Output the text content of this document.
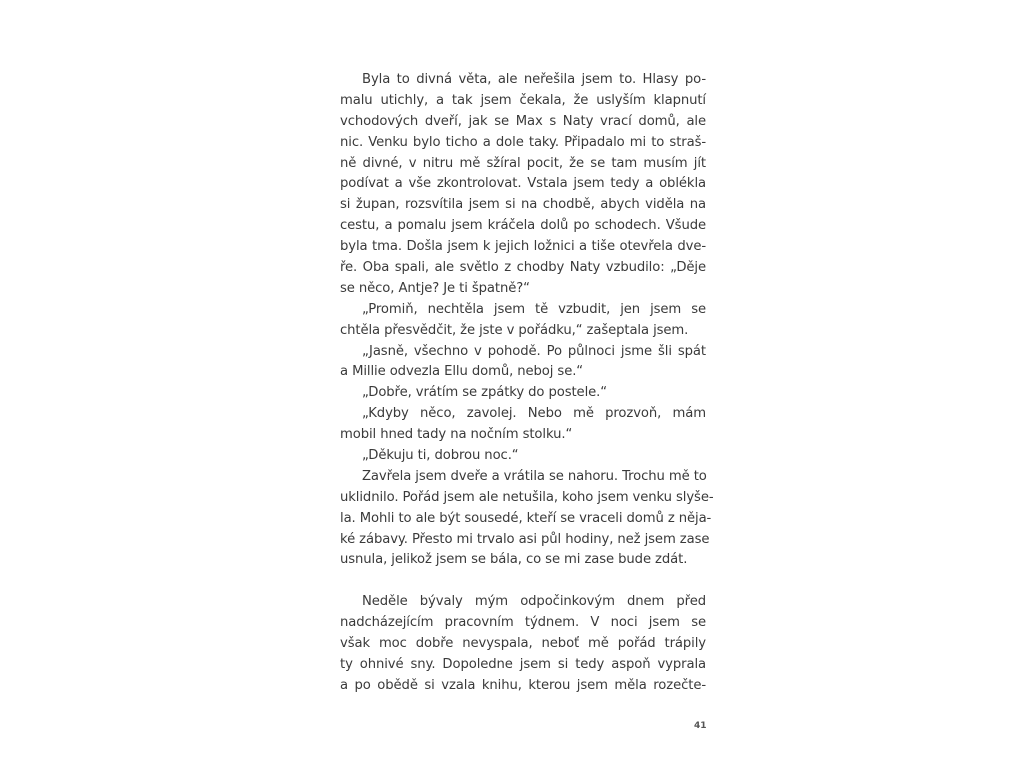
Byla to divná věta, ale neřešila jsem to. Hlasy po-
malu utichly, a tak jsem čekala, že uslyším klapnutí
vchodových dveří, jak se Max s Naty vrací domů, ale
nic. Venku bylo ticho a dole taky. Připadalo mi to straš-
ně divné, v nitru mě sžíral pocit, že se tam musím jít
podívat a vše zkontrolovat. Vstala jsem tedy a oblékla
si župan, rozsvítila jsem si na chodbě, abych viděla na
cestu, a pomalu jsem kráčela dolů po schodech. Všude
byla tma. Došla jsem k jejich ložnici a tiše otevřela dve-
ře. Oba spali, ale světlo z chodby Naty vzbudilo: „Děje
se něco, Antje? Je ti špatně?“
„Promiň, nechtěla jsem tě vzbudit, jen jsem se
chtěla přesvědčit, že jste v pořádku,“ zašeptala jsem.
„Jasně, všechno v pohodě. Po půlnoci jsme šli spát
a Millie odvezla Ellu domů, neboj se.“
„Dobře, vrátím se zpátky do postele.“
„Kdyby něco, zavolej. Nebo mě prozvoň, mám
mobil hned tady na nočním stolku.“
„Děkuju ti, dobrou noc.“
Zavřela jsem dveře a vrátila se nahoru. Trochu mě to
uklidnilo. Pořád jsem ale netušila, koho jsem venku slyše-
la. Mohli to ale být sousedé, kteří se vraceli domů z něja-
ké zábavy. Přesto mi trvalo asi půl hodiny, než jsem zase
usnula, jelikož jsem se bála, co se mi zase bude zdát.
Neděle bývaly mým odpočinkovým dnem před
nadcházejícím pracovním týdnem. V noci jsem se
však moc dobře nevyspala, neboť mě pořád trápily
ty ohnivé sny. Dopoledne jsem si tedy aspoň vyprala
a po obědě si vzala knihu, kterou jsem měla rozečte-
41
